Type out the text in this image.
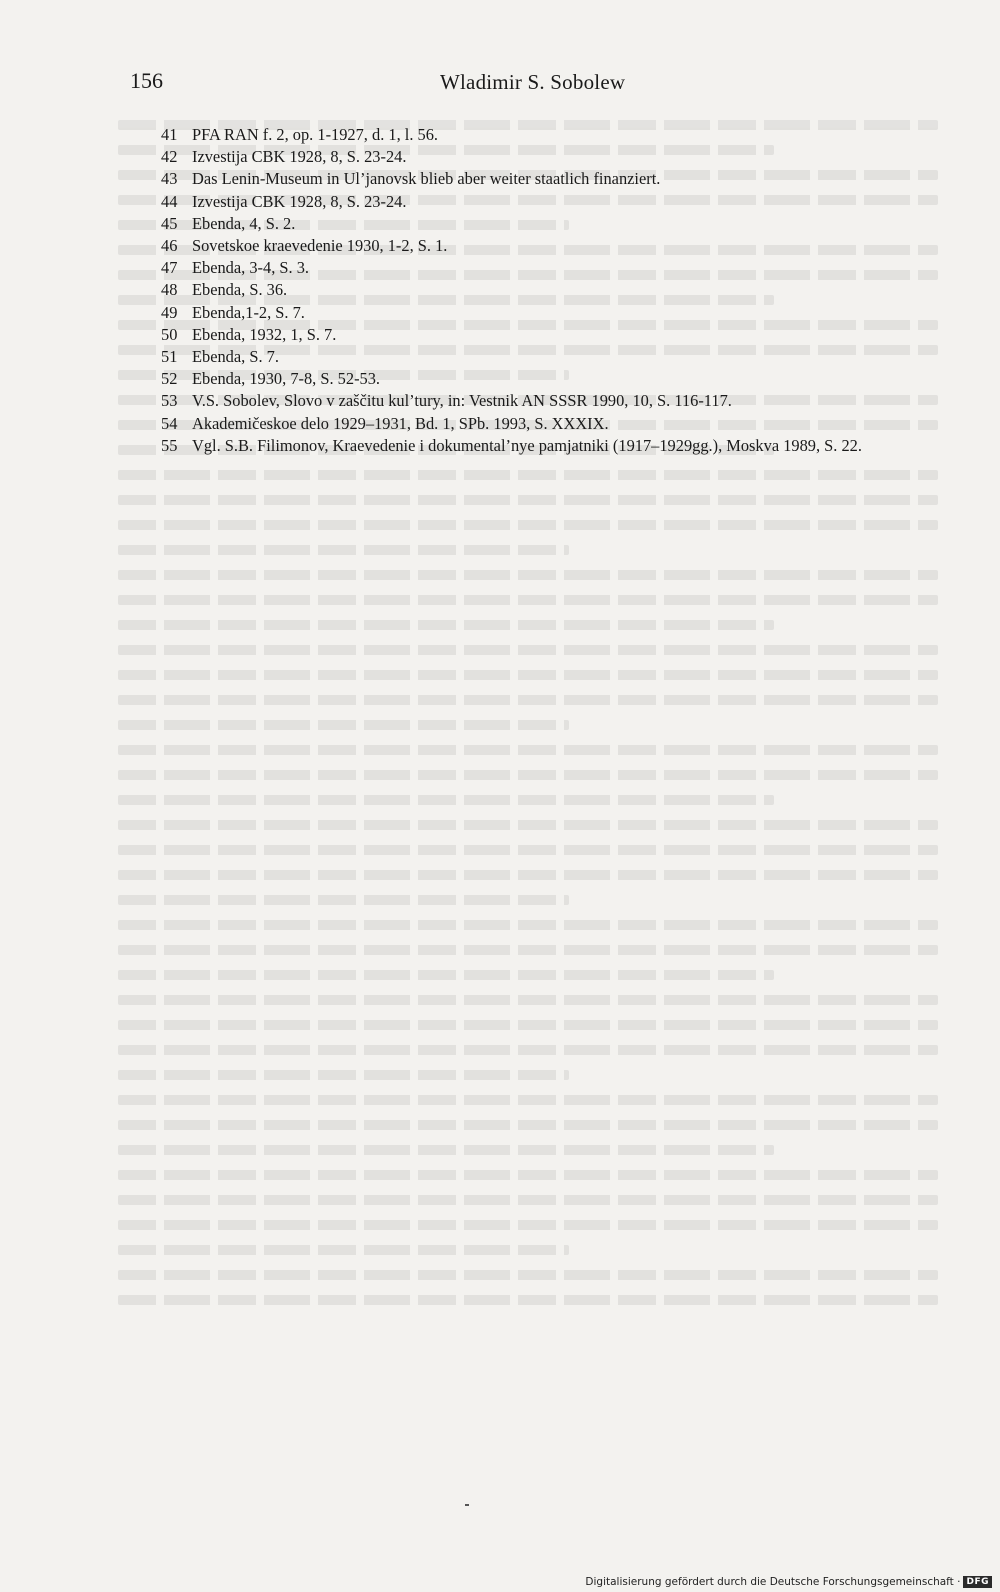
156	Wladimir S. Sobolew
41 PFA RAN f. 2, op. 1-1927, d. 1, l. 56.
42 Izvestija CBK 1928, 8, S. 23-24.
43 Das Lenin-Museum in Ul’janovsk blieb aber weiter staatlich finanziert.
44 Izvestija CBK 1928, 8, S. 23-24.
45 Ebenda, 4, S. 2.
46 Sovetskoe kraevedenie 1930, 1-2, S. 1.
47 Ebenda, 3-4, S. 3.
48 Ebenda, S. 36.
49 Ebenda,1-2, S. 7.
50 Ebenda, 1932, 1, S. 7.
51 Ebenda, S. 7.
52 Ebenda, 1930, 7-8, S. 52-53.
53 V.S. Sobolev, Slovo v zaščitu kul’tury, in: Vestnik AN SSSR 1990, 10, S. 116-117.
54 Akademičeskoe delo 1929–1931, Bd. 1, SPb. 1993, S. XXXIX.
55 Vgl. S.B. Filimonov, Kraevedenie i dokumental’nye pamjatniki (1917–1929gg.), Moskva 1989, S. 22.
Digitalisierung gefördert durch die Deutsche Forschungsgemeinschaft · DFG
